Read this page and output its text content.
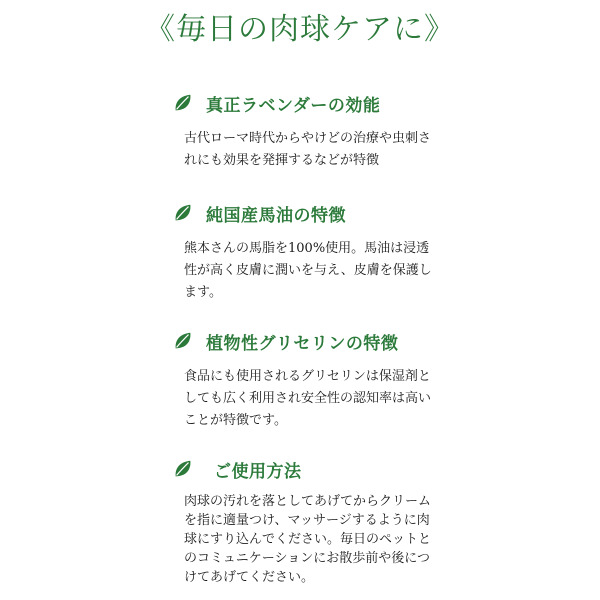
《毎日の肉球ケアに》
真正ラベンダーの効能
古代ローマ時代からやけどの治療や虫刺さ
れにも効果を発揮するなどが特徴
純国産馬油の特徴
熊本さんの馬脂を100%使用。馬油は浸透
性が高く皮膚に潤いを与え、皮膚を保護し
ます。
植物性グリセリンの特徴
食品にも使用されるグリセリンは保湿剤と
しても広く利用され安全性の認知率は高い
ことが特徴です。
ご使用方法
肉球の汚れを落としてあげてからクリーム
を指に適量つけ、マッサージするように肉
球にすり込んでください。毎日のペットと
のコミュニケーションにお散歩前や後につ
けてあげてください。
